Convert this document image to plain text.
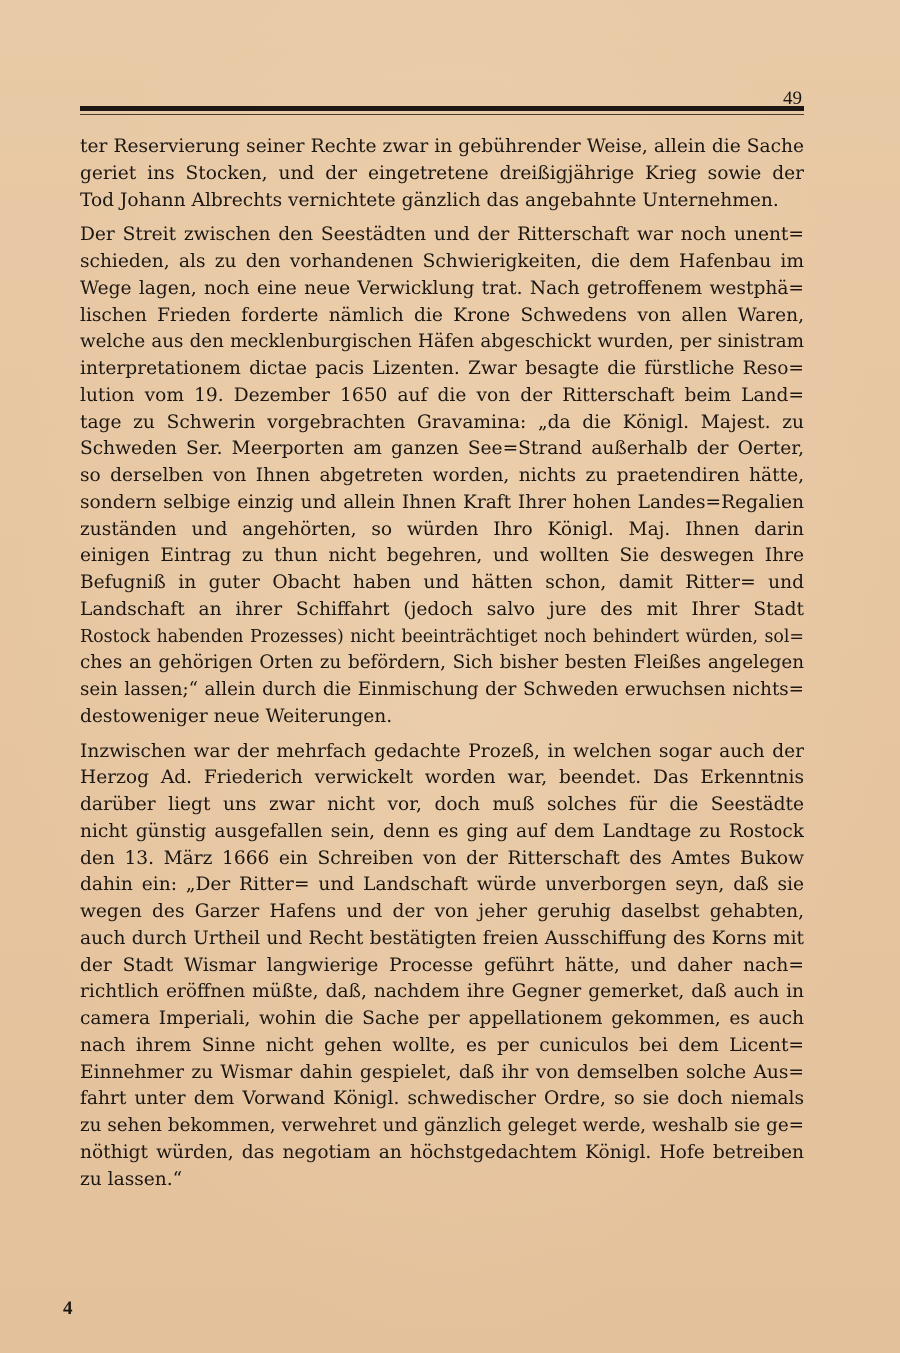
49
ter Reservierung seiner Rechte zwar in gebührender Weise, allein die Sache
geriet ins Stocken, und der eingetretene dreißigjährige Krieg sowie der
Tod Johann Albrechts vernichtete gänzlich das angebahnte Unternehmen.
Der Streit zwischen den Seestädten und der Ritterschaft war noch unent=
schieden, als zu den vorhandenen Schwierigkeiten, die dem Hafenbau im
Wege lagen, noch eine neue Verwicklung trat. Nach getroffenem westphä=
lischen Frieden forderte nämlich die Krone Schwedens von allen Waren,
welche aus den mecklenburgischen Häfen abgeschickt wurden, per sinistram
interpretationem dictae pacis Lizenten. Zwar besagte die fürstliche Reso=
lution vom 19. Dezember 1650 auf die von der Ritterschaft beim Land=
tage zu Schwerin vorgebrachten Gravamina: „da die Königl. Majest. zu
Schweden Ser. Meerporten am ganzen See=Strand außerhalb der Oerter,
so derselben von Ihnen abgetreten worden, nichts zu praetendiren hätte,
sondern selbige einzig und allein Ihnen Kraft Ihrer hohen Landes=Regalien
zuständen und angehörten, so würden Ihro Königl. Maj. Ihnen darin
einigen Eintrag zu thun nicht begehren, und wollten Sie deswegen Ihre
Befugniß in guter Obacht haben und hätten schon, damit Ritter= und
Landschaft an ihrer Schiffahrt (jedoch salvo jure des mit Ihrer Stadt
Rostock habenden Prozesses) nicht beeinträchtiget noch behindert würden, sol=
ches an gehörigen Orten zu befördern, Sich bisher besten Fleißes angelegen
sein lassen;“ allein durch die Einmischung der Schweden erwuchsen nichts=
destoweniger neue Weiterungen.
Inzwischen war der mehrfach gedachte Prozeß, in welchen sogar auch der
Herzog Ad. Friederich verwickelt worden war, beendet. Das Erkenntnis
darüber liegt uns zwar nicht vor, doch muß solches für die Seestädte
nicht günstig ausgefallen sein, denn es ging auf dem Landtage zu Rostock
den 13. März 1666 ein Schreiben von der Ritterschaft des Amtes Bukow
dahin ein: „Der Ritter= und Landschaft würde unverborgen seyn, daß sie
wegen des Garzer Hafens und der von jeher geruhig daselbst gehabten,
auch durch Urtheil und Recht bestätigten freien Ausschiffung des Korns mit
der Stadt Wismar langwierige Processe geführt hätte, und daher nach=
richtlich eröffnen müßte, daß, nachdem ihre Gegner gemerket, daß auch in
camera Imperiali, wohin die Sache per appellationem gekommen, es auch
nach ihrem Sinne nicht gehen wollte, es per cuniculos bei dem Licent=
Einnehmer zu Wismar dahin gespielet, daß ihr von demselben solche Aus=
fahrt unter dem Vorwand Königl. schwedischer Ordre, so sie doch niemals
zu sehen bekommen, verwehret und gänzlich geleget werde, weshalb sie ge=
nöthigt würden, das negotiam an höchstgedachtem Königl. Hofe betreiben
zu lassen.“
4
